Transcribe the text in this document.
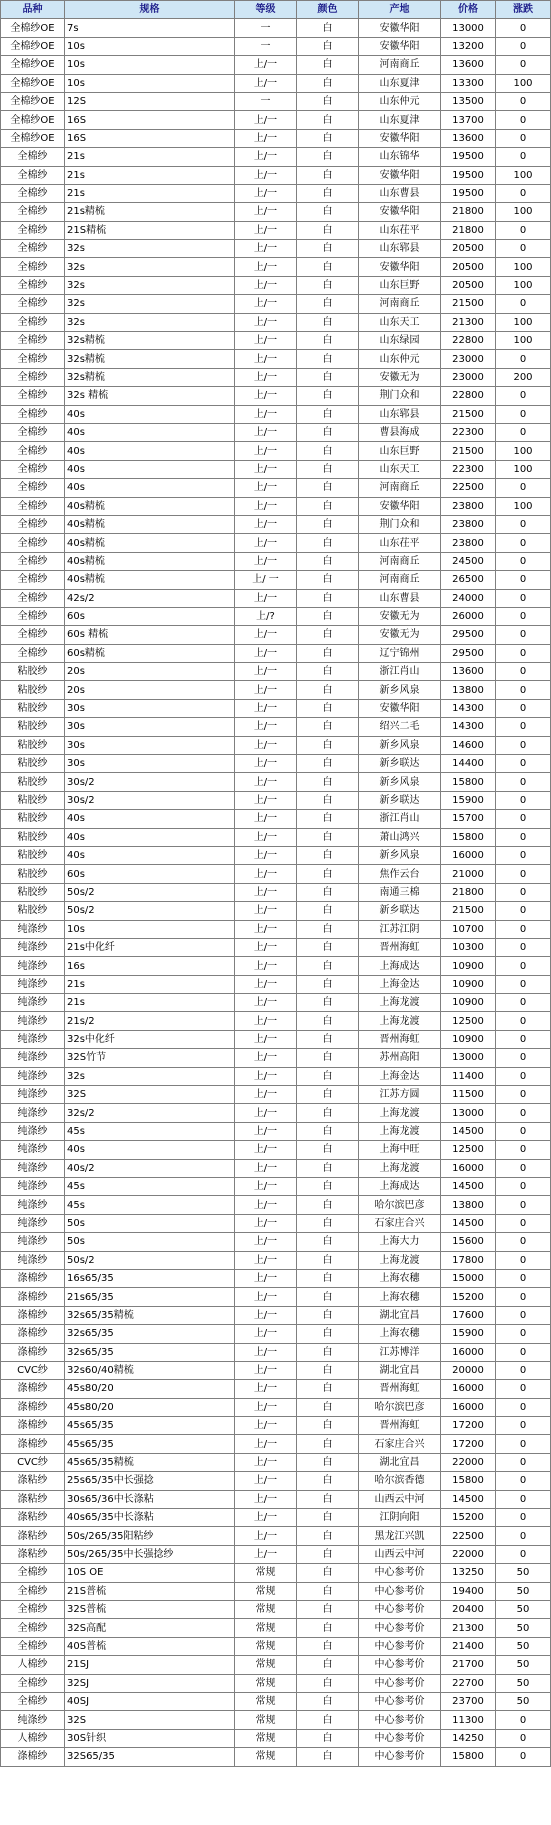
品种	规格	等级	颜色	产地	价格	涨跌
全棉纱OE	7s	一	白	安徽华阳	13000	0
全棉纱OE	10s	一	白	安徽华阳	13200	0
全棉纱OE	10s	上/一	白	河南商丘	13600	0
全棉纱OE	10s	上/一	白	山东夏津	13300	100
全棉纱OE	12S	一	白	山东仲元	13500	0
全棉纱OE	16S	上/一	白	山东夏津	13700	0
全棉纱OE	16S	上/一	白	安徽华阳	13600	0
全棉纱	21s	上/一	白	山东锦华	19500	0
全棉纱	21s	上/一	白	安徽华阳	19500	100
全棉纱	21s	上/一	白	山东曹县	19500	0
全棉纱	21s精梳	上/一	白	安徽华阳	21800	100
全棉纱	21S精梳	上/一	白	山东茌平	21800	0
全棉纱	32s	上/一	白	山东郓县	20500	0
全棉纱	32s	上/一	白	安徽华阳	20500	100
全棉纱	32s	上/一	白	山东巨野	20500	100
全棉纱	32s	上/一	白	河南商丘	21500	0
全棉纱	32s	上/一	白	山东天工	21300	100
全棉纱	32s精梳	上/一	白	山东绿园	22800	100
全棉纱	32s精梳	上/一	白	山东仲元	23000	0
全棉纱	32s精梳	上/一	白	安徽无为	23000	200
全棉纱	32s 精梳	上/一	白	荆门众和	22800	0
全棉纱	40s	上/一	白	山东郓县	21500	0
全棉纱	40s	上/一	白	曹县海成	22300	0
全棉纱	40s	上/一	白	山东巨野	21500	100
全棉纱	40s	上/一	白	山东天工	22300	100
全棉纱	40s	上/一	白	河南商丘	22500	0
全棉纱	40s精梳	上/一	白	安徽华阳	23800	100
全棉纱	40s精梳	上/一	白	荆门众和	23800	0
全棉纱	40s精梳	上/一	白	山东茌平	23800	0
全棉纱	40s精梳	上/一	白	河南商丘	24500	0
全棉纱	40s精梳	上/ 一	白	河南商丘	26500	0
全棉纱	42s/2	上/一	白	山东曹县	24000	0
全棉纱	60s	上/?	白	安徽无为	26000	0
全棉纱	60s 精梳	上/一	白	安徽无为	29500	0
全棉纱	60s精梳	上/一	白	辽宁锦州	29500	0
粘胶纱	20s	上/一	白	浙江肖山	13600	0
粘胶纱	20s	上/一	白	新乡风泉	13800	0
粘胶纱	30s	上/一	白	安徽华阳	14300	0
粘胶纱	30s	上/一	白	绍兴二毛	14300	0
粘胶纱	30s	上/一	白	新乡风泉	14600	0
粘胶纱	30s	上/一	白	新乡联达	14400	0
粘胶纱	30s/2	上/一	白	新乡风泉	15800	0
粘胶纱	30s/2	上/一	白	新乡联达	15900	0
粘胶纱	40s	上/一	白	浙江肖山	15700	0
粘胶纱	40s	上/一	白	萧山鸿兴	15800	0
粘胶纱	40s	上/一	白	新乡风泉	16000	0
粘胶纱	60s	上/一	白	焦作云台	21000	0
粘胶纱	50s/2	上/一	白	南通三棉	21800	0
粘胶纱	50s/2	上/一	白	新乡联达	21500	0
纯涤纱	10s	上/一	白	江苏江阴	10700	0
纯涤纱	21s中化纤	上/一	白	晋州海虹	10300	0
纯涤纱	16s	上/一	白	上海成达	10900	0
纯涤纱	21s	上/一	白	上海金达	10900	0
纯涤纱	21s	上/一	白	上海龙渡	10900	0
纯涤纱	21s/2	上/一	白	上海龙渡	12500	0
纯涤纱	32s中化纤	上/一	白	晋州海虹	10900	0
纯涤纱	32S竹节	上/一	白	苏州高阳	13000	0
纯涤纱	32s	上/一	白	上海金达	11400	0
纯涤纱	32S	上/一	白	江苏方圆	11500	0
纯涤纱	32s/2	上/一	白	上海龙渡	13000	0
纯涤纱	45s	上/一	白	上海龙渡	14500	0
纯涤纱	40s	上/一	白	上海中旺	12500	0
纯涤纱	40s/2	上/一	白	上海龙渡	16000	0
纯涤纱	45s	上/一	白	上海成达	14500	0
纯涤纱	45s	上/一	白	哈尔滨巴彦	13800	0
纯涤纱	50s	上/一	白	石家庄合兴	14500	0
纯涤纱	50s	上/一	白	上海大力	15600	0
纯涤纱	50s/2	上/一	白	上海龙渡	17800	0
涤棉纱	16s65/35	上/一	白	上海农穗	15000	0
涤棉纱	21s65/35	上/一	白	上海农穗	15200	0
涤棉纱	32s65/35精梳	上/一	白	湖北宜昌	17600	0
涤棉纱	32s65/35	上/一	白	上海农穗	15900	0
涤棉纱	32s65/35	上/一	白	江苏博洋	16000	0
CVC纱	32s60/40精梳	上/一	白	湖北宜昌	20000	0
涤棉纱	45s80/20	上/一	白	晋州海虹	16000	0
涤棉纱	45s80/20	上/一	白	哈尔滨巴彦	16000	0
涤棉纱	45s65/35	上/一	白	晋州海虹	17200	0
涤棉纱	45s65/35	上/一	白	石家庄合兴	17200	0
CVC纱	45s65/35精梳	上/一	白	湖北宜昌	22000	0
涤粘纱	25s65/35中长强捻	上/一	白	哈尔滨香德	15800	0
涤粘纱	30s65/36中长涤粘	上/一	白	山西云中河	14500	0
涤粘纱	40s65/35中长涤粘	上/一	白	江阴向阳	15200	0
涤粘纱	50s/265/35阳粘纱	上/一	白	黑龙江兴凯	22500	0
涤粘纱	50s/265/35中长强捻纱	上/一	白	山西云中河	22000	0
全棉纱	10S OE	常规	白	中心参考价	13250	50
全棉纱	21S普梳	常规	白	中心参考价	19400	50
全棉纱	32S普梳	常规	白	中心参考价	20400	50
全棉纱	32S高配	常规	白	中心参考价	21300	50
全棉纱	40S普梳	常规	白	中心参考价	21400	50
人棉纱	21SJ	常规	白	中心参考价	21700	50
全棉纱	32SJ	常规	白	中心参考价	22700	50
全棉纱	40SJ	常规	白	中心参考价	23700	50
纯涤纱	32S	常规	白	中心参考价	11300	0
人棉纱	30S针织	常规	白	中心参考价	14250	0
涤棉纱	32S65/35	常规	白	中心参考价	15800	0
